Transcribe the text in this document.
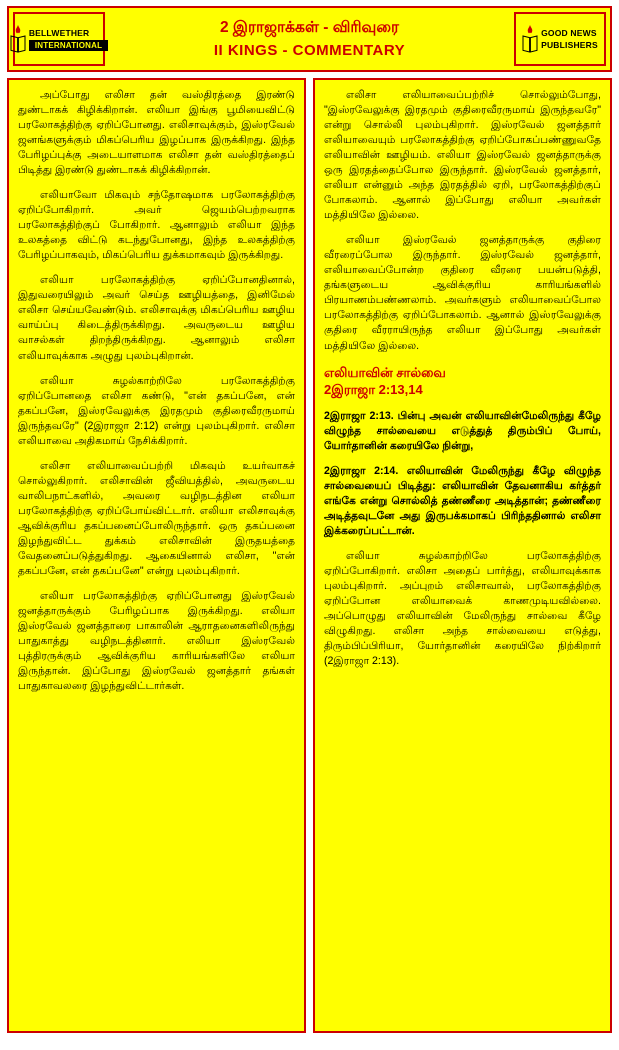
BELLWETHER
INTERNATIONAL
2 இராஜாக்கள் - விரிவுரை
II KINGS - COMMENTARY
GOOD NEWS
PUBLISHERS

அப்போது எலிசா தன் வஸ்திரத்தை இரண்டு துண்டாகக் கிழிக்கிறான். எலியா இங்கு பூமியைவிட்டு பரலோகத்திற்கு ஏறிப்போனது. எலிசாவுக்கும், இஸ்ரவேல் ஜனங்களுக்கும் மிகப்பெரிய இழப்பாக இருக்கிறது. இந்த பேரிழப்புக்கு அடையாளமாக எலிசா தன் வஸ்திரத்தைப் பிடித்து இரண்டு துண்டாகக் கிழிக்கிறான்.

எலியாவோ மிகவும் சந்தோஷமாக பரலோகத்திற்கு ஏறிப்போகிறார். அவர் ஜெயம்பெற்றவராக பரலோகத்திற்குப் போகிறார். ஆனாலும் எலியா இந்த உலகத்தை விட்டு கடந்துபோனது, இந்த உலகத்திற்கு பேரிழப்பாகவும், மிகப்பெரிய துக்கமாகவும் இருக்கிறது.

எலியா பரலோகத்திற்கு ஏறிப்போனதினால், இதுவரையிலும் அவர் செய்த ஊழியத்தை, இனிமேல் எலிசா செய்யவேண்டும். எலிசாவுக்கு மிகப்பெரிய ஊழிய வாய்ப்பு கிடைத்திருக்கிறது. அவருடைய ஊழிய வாசல்கள் திறந்திருக்கிறது. ஆனாலும் எலிசா எலியாவுக்காக அழுது புலம்புகிறான்.

எலியா சுழல்காற்றிலே பரலோகத்திற்கு ஏறிப்போனதை எலிசா கண்டு, "என் தகப்பனே, என் தகப்பனே, இஸ்ரவேலுக்கு இரதமும் குதிரைவீரருமாய் இருந்தவரே" (2இராஜா 2:12) என்று புலம்புகிறார். எலிசா எலியாவை அதிகமாய் நேசிக்கிறார்.

எலிசா எலியாவைப்பற்றி மிகவும் உயர்வாகச் சொல்லுகிறார். எலிசாவின் ஜீவியத்தில், அவருடைய வாலிபநாட்களில், அவரை வழிநடத்தின எலியா பரலோகத்திற்கு ஏறிப்போய்விட்டார். எலியா எலிசாவுக்கு ஆவிக்குரிய தகப்பனைப்போலிருந்தார். ஒரு தகப்பனை இழந்துவிட்ட துக்கம் எலிசாவின் இருதயத்தை வேதனைப்படுத்துகிறது. ஆகையினால் எலிசா, "என் தகப்பனே, என் தகப்பனே" என்று புலம்புகிறார்.

எலியா பரலோகத்திற்கு ஏறிப்போனது இஸ்ரவேல் ஜனத்தாருக்கும் பேரிழப்பாக இருக்கிறது. எலியா இஸ்ரவேல் ஜனத்தாரை பாகாலின் ஆராதனைகளிலிருந்து பாதுகாத்து வழிநடத்தினார். எலியா இஸ்ரவேல் புத்திரருக்கும் ஆவிக்குரிய காரியங்களிலே எலியா இருந்தான். இப்போது இஸ்ரவேல் ஜனத்தார் தங்கள் பாதுகாவலரை இழந்துவிட்டார்கள்.

எலிசா எலியாவைப்பற்றிச் சொல்லும்போது, "இஸ்ரவேலுக்கு இரதமும் குதிரைவீரருமாய் இருந்தவரே" என்று சொல்லி புலம்புகிறார். இஸ்ரவேல் ஜனத்தார் எலியாவையும் பரலோகத்திற்கு ஏறிப்போகப்பண்ணுவதே எலியாவின் ஊழியம். எலியா இஸ்ரவேல் ஜனத்தாருக்கு ஒரு இரதத்தைப்போல இருந்தார். இஸ்ரவேல் ஜனத்தார், எலியா என்னும் அந்த இரதத்தில் ஏறி, பரலோகத்திற்குப் போகலாம். ஆனால் இப்போது எலியா அவர்கள் மத்தியிலே இல்லை.

எலியா இஸ்ரவேல் ஜனத்தாருக்கு குதிரை வீரரைப்போல இருந்தார். இஸ்ரவேல் ஜனத்தார், எலியாவைப்போன்ற குதிரை வீரரை பயன்படுத்தி, தங்களுடைய ஆவிக்குரிய காரியங்களில் பிரயாணம்பண்ணலாம். அவர்களும் எலியாவைப்போல பரலோகத்திற்கு ஏறிப்போகலாம். ஆனால் இஸ்ரவேலுக்கு குதிரை வீரராயிருந்த எலியா இப்போது அவர்கள் மத்தியிலே இல்லை.

எலியாவின் சால்வை
2இராஜா 2:13,14

2இராஜா 2:13. பின்பு அவன் எலியாவின்மேலிருந்து கீழே விழுந்த சால்வையை எடுத்துத் திரும்பிப் போய், யோர்தானின் கரையிலே நின்று,

2இராஜா 2:14. எலியாவின் மேலிருந்து கீழே விழுந்த சால்வையைப் பிடித்து: எலியாவின் தேவனாகிய கர்த்தர் எங்கே என்று சொல்லித் தண்ணீரை அடித்தான்; தண்ணீரை அடித்தவுடனே அது இருபக்கமாகப் பிரிந்ததினால் எலிசா இக்கரைப்பட்டான்.

எலியா சுழல்காற்றிலே பரலோகத்திற்கு ஏறிப்போகிறார். எலிசா அதைப் பார்த்து, எலியாவுக்காக புலம்புகிறார். அப்புறம் எலிசாவால், பரலோகத்திற்கு ஏறிப்போன எலியாவைக் காணமுடியவில்லை. அப்பொழுது எலியாவின் மேலிருந்து சால்வை கீழே விழுகிறது. எலிசா அந்த சால்வையை எடுத்து, திரும்பிப்பிரியா, யோர்தானின் கரையிலே நிற்கிறார் (2இராஜா 2:13).
